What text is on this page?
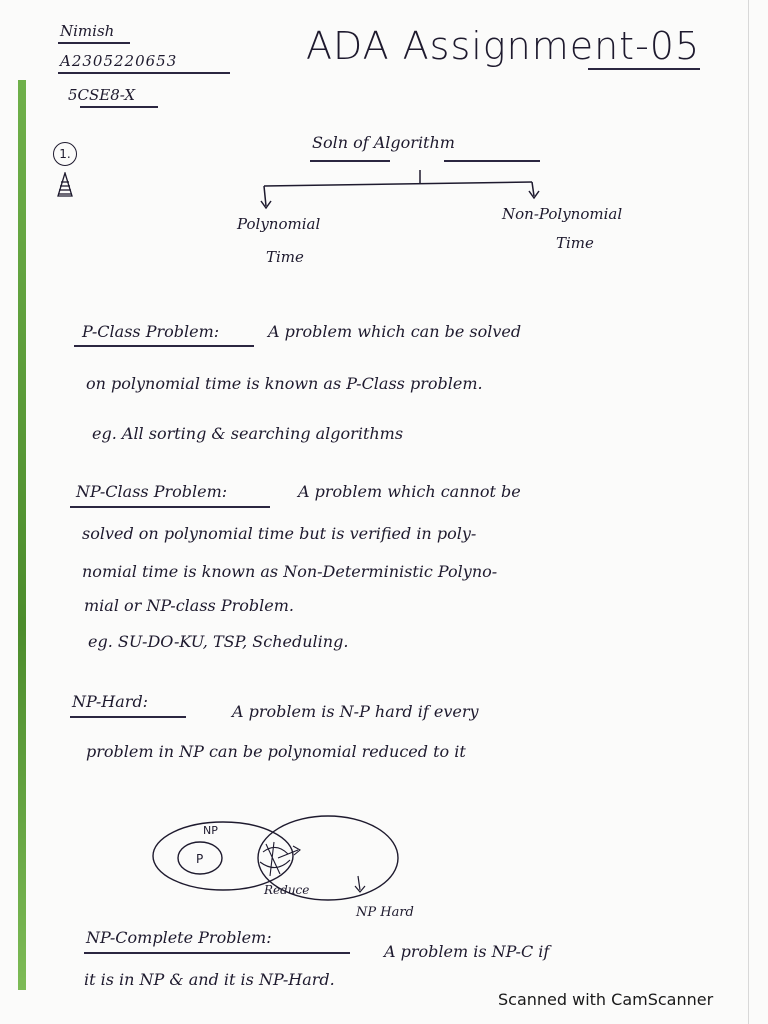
Nimish
A2305220653
5CSE8-X
ADA Assignment-05
1.
Soln of Algorithm
Polynomial
Time
Non-Polynomial
Time
P-Class Problem:	A problem which can be solved
on polynomial time is known as P-Class problem.
eg. All sorting & searching algorithms
NP-Class Problem:	A problem which cannot be
solved on polynomial time but is verified in poly-
nomial time is known as Non-Deterministic Polyno-
mial or NP-class Problem.
eg. SU-DO-KU, TSP, Scheduling.
NP-Hard:
A problem is N-P hard if every
problem in NP can be polynomial reduced to it
NP
P
Reduce
NP Hard
NP-Complete Problem:
A problem is NP-C if
it is in NP & and it is NP-Hard.
Scanned with CamScanner
